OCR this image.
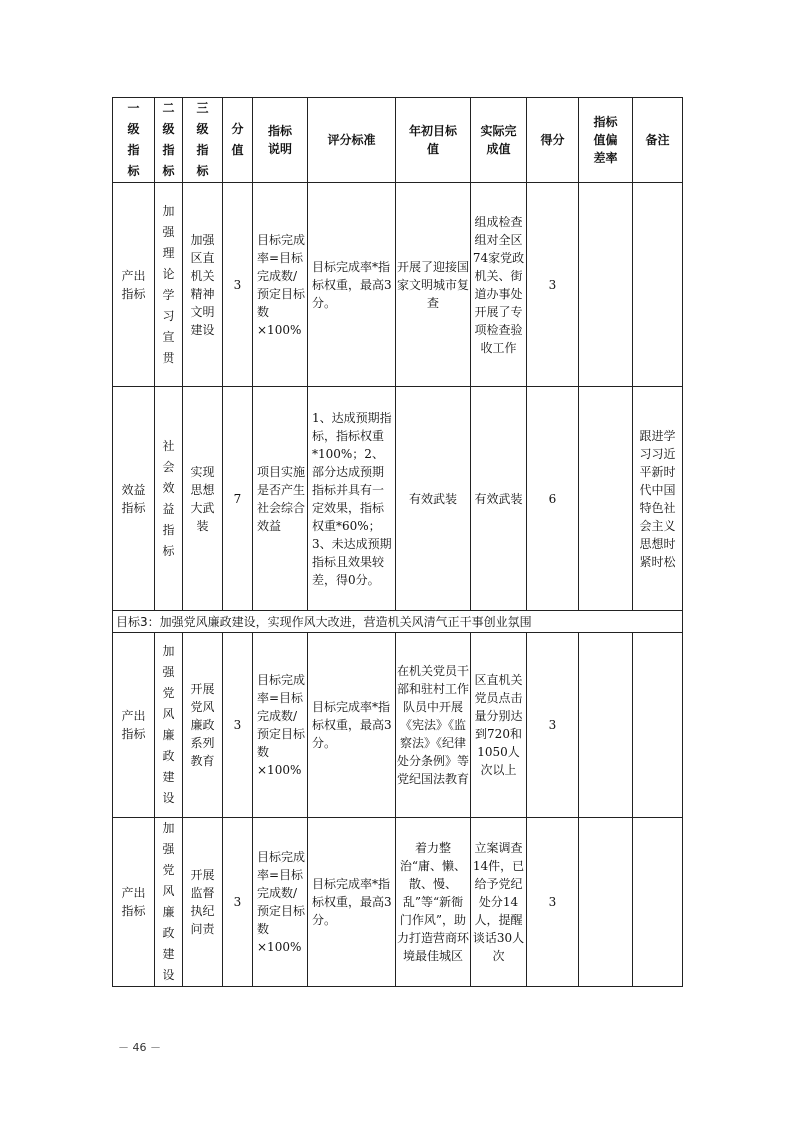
一级指标	二级指标	三级指标	分值	指标说明	评分标准	年初目标值	实际完成值	得分	指标值偏差率	备注
产出指标	加强理论学习宣贯	加强区直机关精神文明建设	3	目标完成率=目标完成数/预定目标数×100%	目标完成率*指标权重，最高3分。	开展了迎接国家文明城市复查	组成检查组对全区74家党政机关、街道办事处开展了专项检查验收工作	3		
效益指标	社会效益指标	实现思想大武装	7	项目实施是否产生社会综合效益	1、达成预期指标，指标权重*100%；2、部分达成预期指标并具有一定效果，指标权重*60%；3、未达成预期指标且效果较差，得0分。	有效武装	有效武装	6		跟进学习习近平新时代中国特色社会主义思想时紧时松
目标3：加强党风廉政建设，实现作风大改进，营造机关风清气正干事创业氛围										
产出指标	加强党风廉政建设	开展党风廉政系列教育	3	目标完成率=目标完成数/预定目标数×100%	目标完成率*指标权重，最高3分。	在机关党员干部和驻村工作队员中开展《宪法》《监察法》《纪律处分条例》等党纪国法教育	区直机关党员点击量分别达到720和1050人次以上	3		
产出指标	加强党风廉政建设	开展监督执纪问责	3	目标完成率=目标完成数/预定目标数×100%	目标完成率*指标权重，最高3分。	着力整治“庸、懒、散、慢、乱”等“新衙门作风”，助力打造营商环境最佳城区	立案调查14件，已给予党纪处分14人，提醒谈话30人次	3		
－ 46 －
